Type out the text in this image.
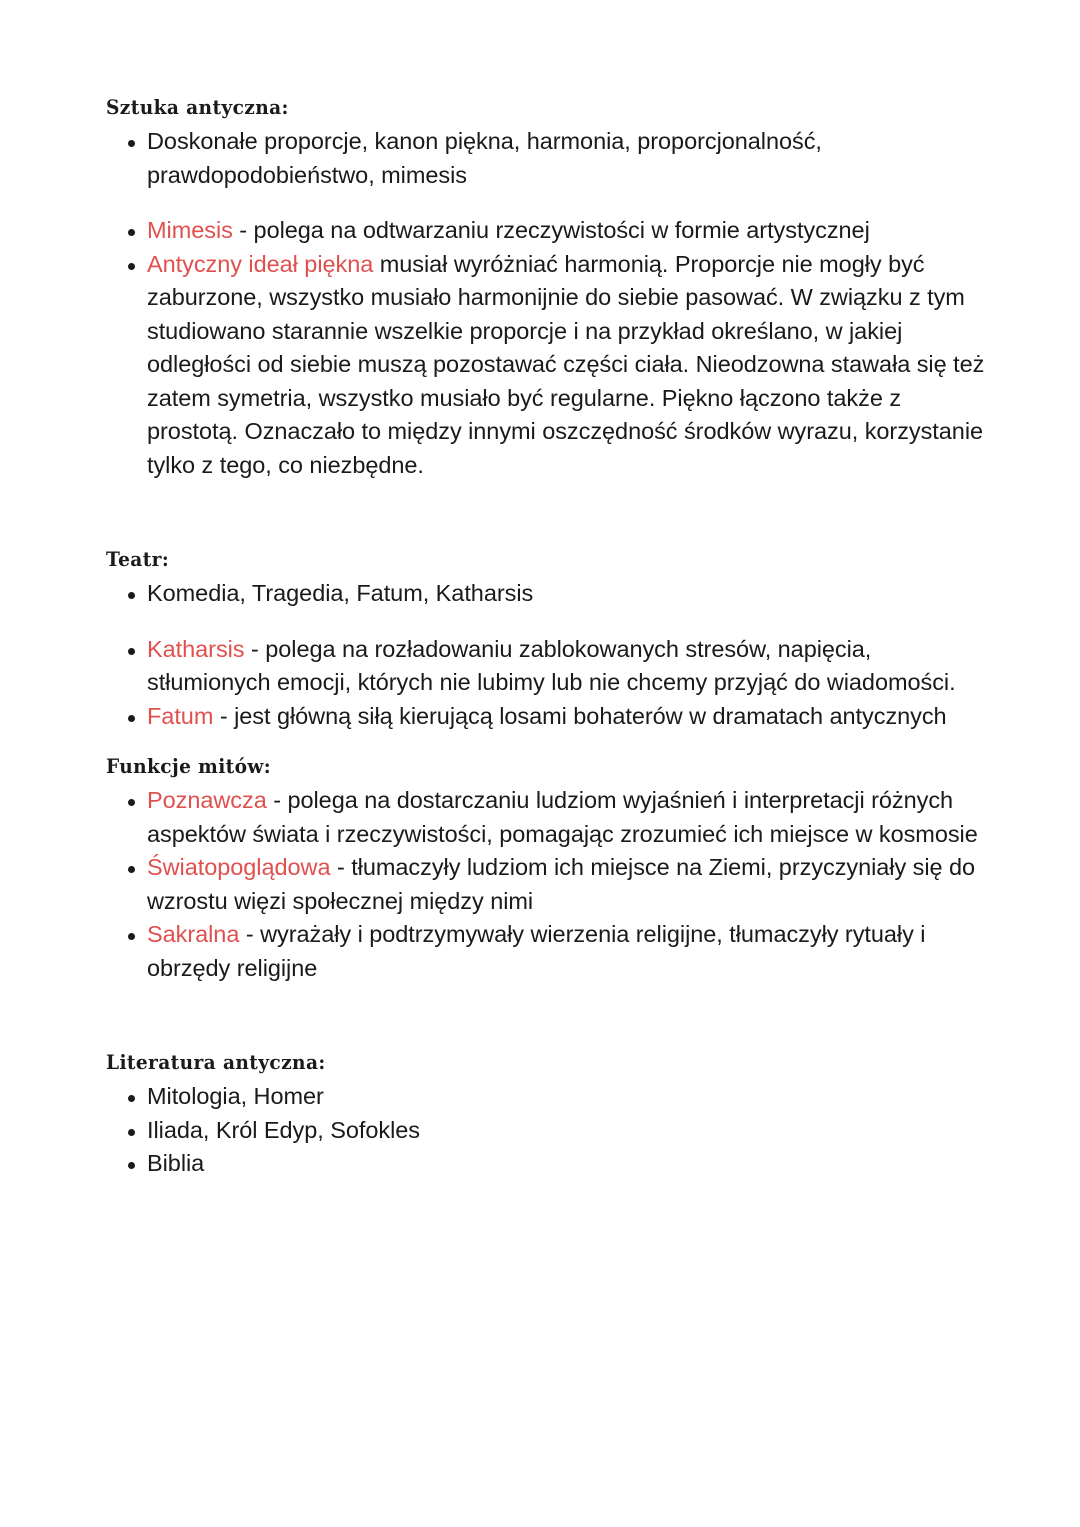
Sztuka antyczna:
Doskonałe proporcje, kanon piękna, harmonia, proporcjonalność, prawdopodobieństwo, mimesis
Mimesis - polega na odtwarzaniu rzeczywistości w formie artystycznej
Antyczny ideał piękna musiał wyróżniać harmonią. Proporcje nie mogły być zaburzone, wszystko musiało harmonijnie do siebie pasować. W związku z tym studiowano starannie wszelkie proporcje i na przykład określano, w jakiej odległości od siebie muszą pozostawać części ciała. Nieodzowna stawała się też zatem symetria, wszystko musiało być regularne. Piękno łączono także z prostotą. Oznaczało to między innymi oszczędność środków wyrazu, korzystanie tylko z tego, co niezbędne.
Teatr:
Komedia, Tragedia, Fatum, Katharsis
Katharsis - polega na rozładowaniu zablokowanych stresów, napięcia, stłumionych emocji, których nie lubimy lub nie chcemy przyjąć do wiadomości.
Fatum - jest główną siłą kierującą losami bohaterów w dramatach antycznych
Funkcje mitów:
Poznawcza - polega na dostarczaniu ludziom wyjaśnień i interpretacji różnych aspektów świata i rzeczywistości, pomagając zrozumieć ich miejsce w kosmosie
Światopoglądowa - tłumaczyły ludziom ich miejsce na Ziemi, przyczyniały się do wzrostu więzi społecznej między nimi
Sakralna - wyrażały i podtrzymywały wierzenia religijne, tłumaczyły rytuały i obrzędy religijne
Literatura antyczna:
Mitologia, Homer
Iliada, Król Edyp, Sofokles
Biblia
